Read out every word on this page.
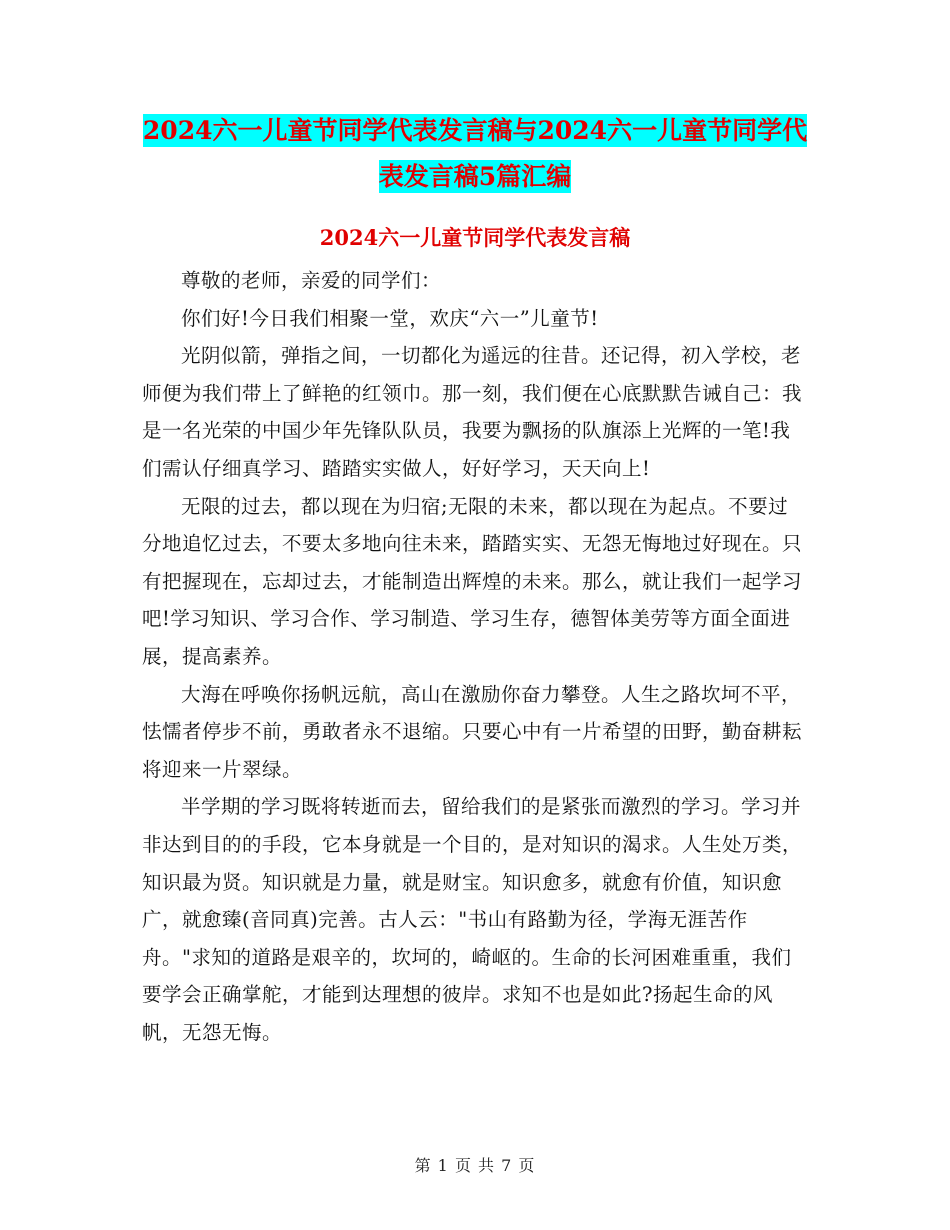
2024六一儿童节同学代表发言稿与2024六一儿童节同学代表发言稿5篇汇编
2024六一儿童节同学代表发言稿

尊敬的老师，亲爱的同学们：

你们好!今日我们相聚一堂，欢庆“六一”儿童节!

光阴似箭，弹指之间，一切都化为遥远的往昔。还记得，初入学校，老师便为我们带上了鲜艳的红领巾。那一刻，我们便在心底默默告诫自己：我是一名光荣的中国少年先锋队队员，我要为飘扬的队旗添上光辉的一笔!我们需认仔细真学习、踏踏实实做人，好好学习，天天向上!

无限的过去，都以现在为归宿;无限的未来，都以现在为起点。不要过分地追忆过去，不要太多地向往未来，踏踏实实、无怨无悔地过好现在。只有把握现在，忘却过去，才能制造出辉煌的未来。那么，就让我们一起学习吧!学习知识、学习合作、学习制造、学习生存，德智体美劳等方面全面进展，提高素养。

大海在呼唤你扬帆远航，高山在激励你奋力攀登。人生之路坎坷不平，怯懦者停步不前，勇敢者永不退缩。只要心中有一片希望的田野，勤奋耕耘将迎来一片翠绿。

半学期的学习既将转逝而去，留给我们的是紧张而激烈的学习。学习并非达到目的的手段，它本身就是一个目的，是对知识的渴求。人生处万类，知识最为贤。知识就是力量，就是财宝。知识愈多，就愈有价值，知识愈广，就愈臻(音同真)完善。古人云："书山有路勤为径，学海无涯苦作舟。"求知的道路是艰辛的，坎坷的，崎岖的。生命的长河困难重重，我们要学会正确掌舵，才能到达理想的彼岸。求知不也是如此?扬起生命的风帆，无怨无悔。

第 1 页 共 7 页
